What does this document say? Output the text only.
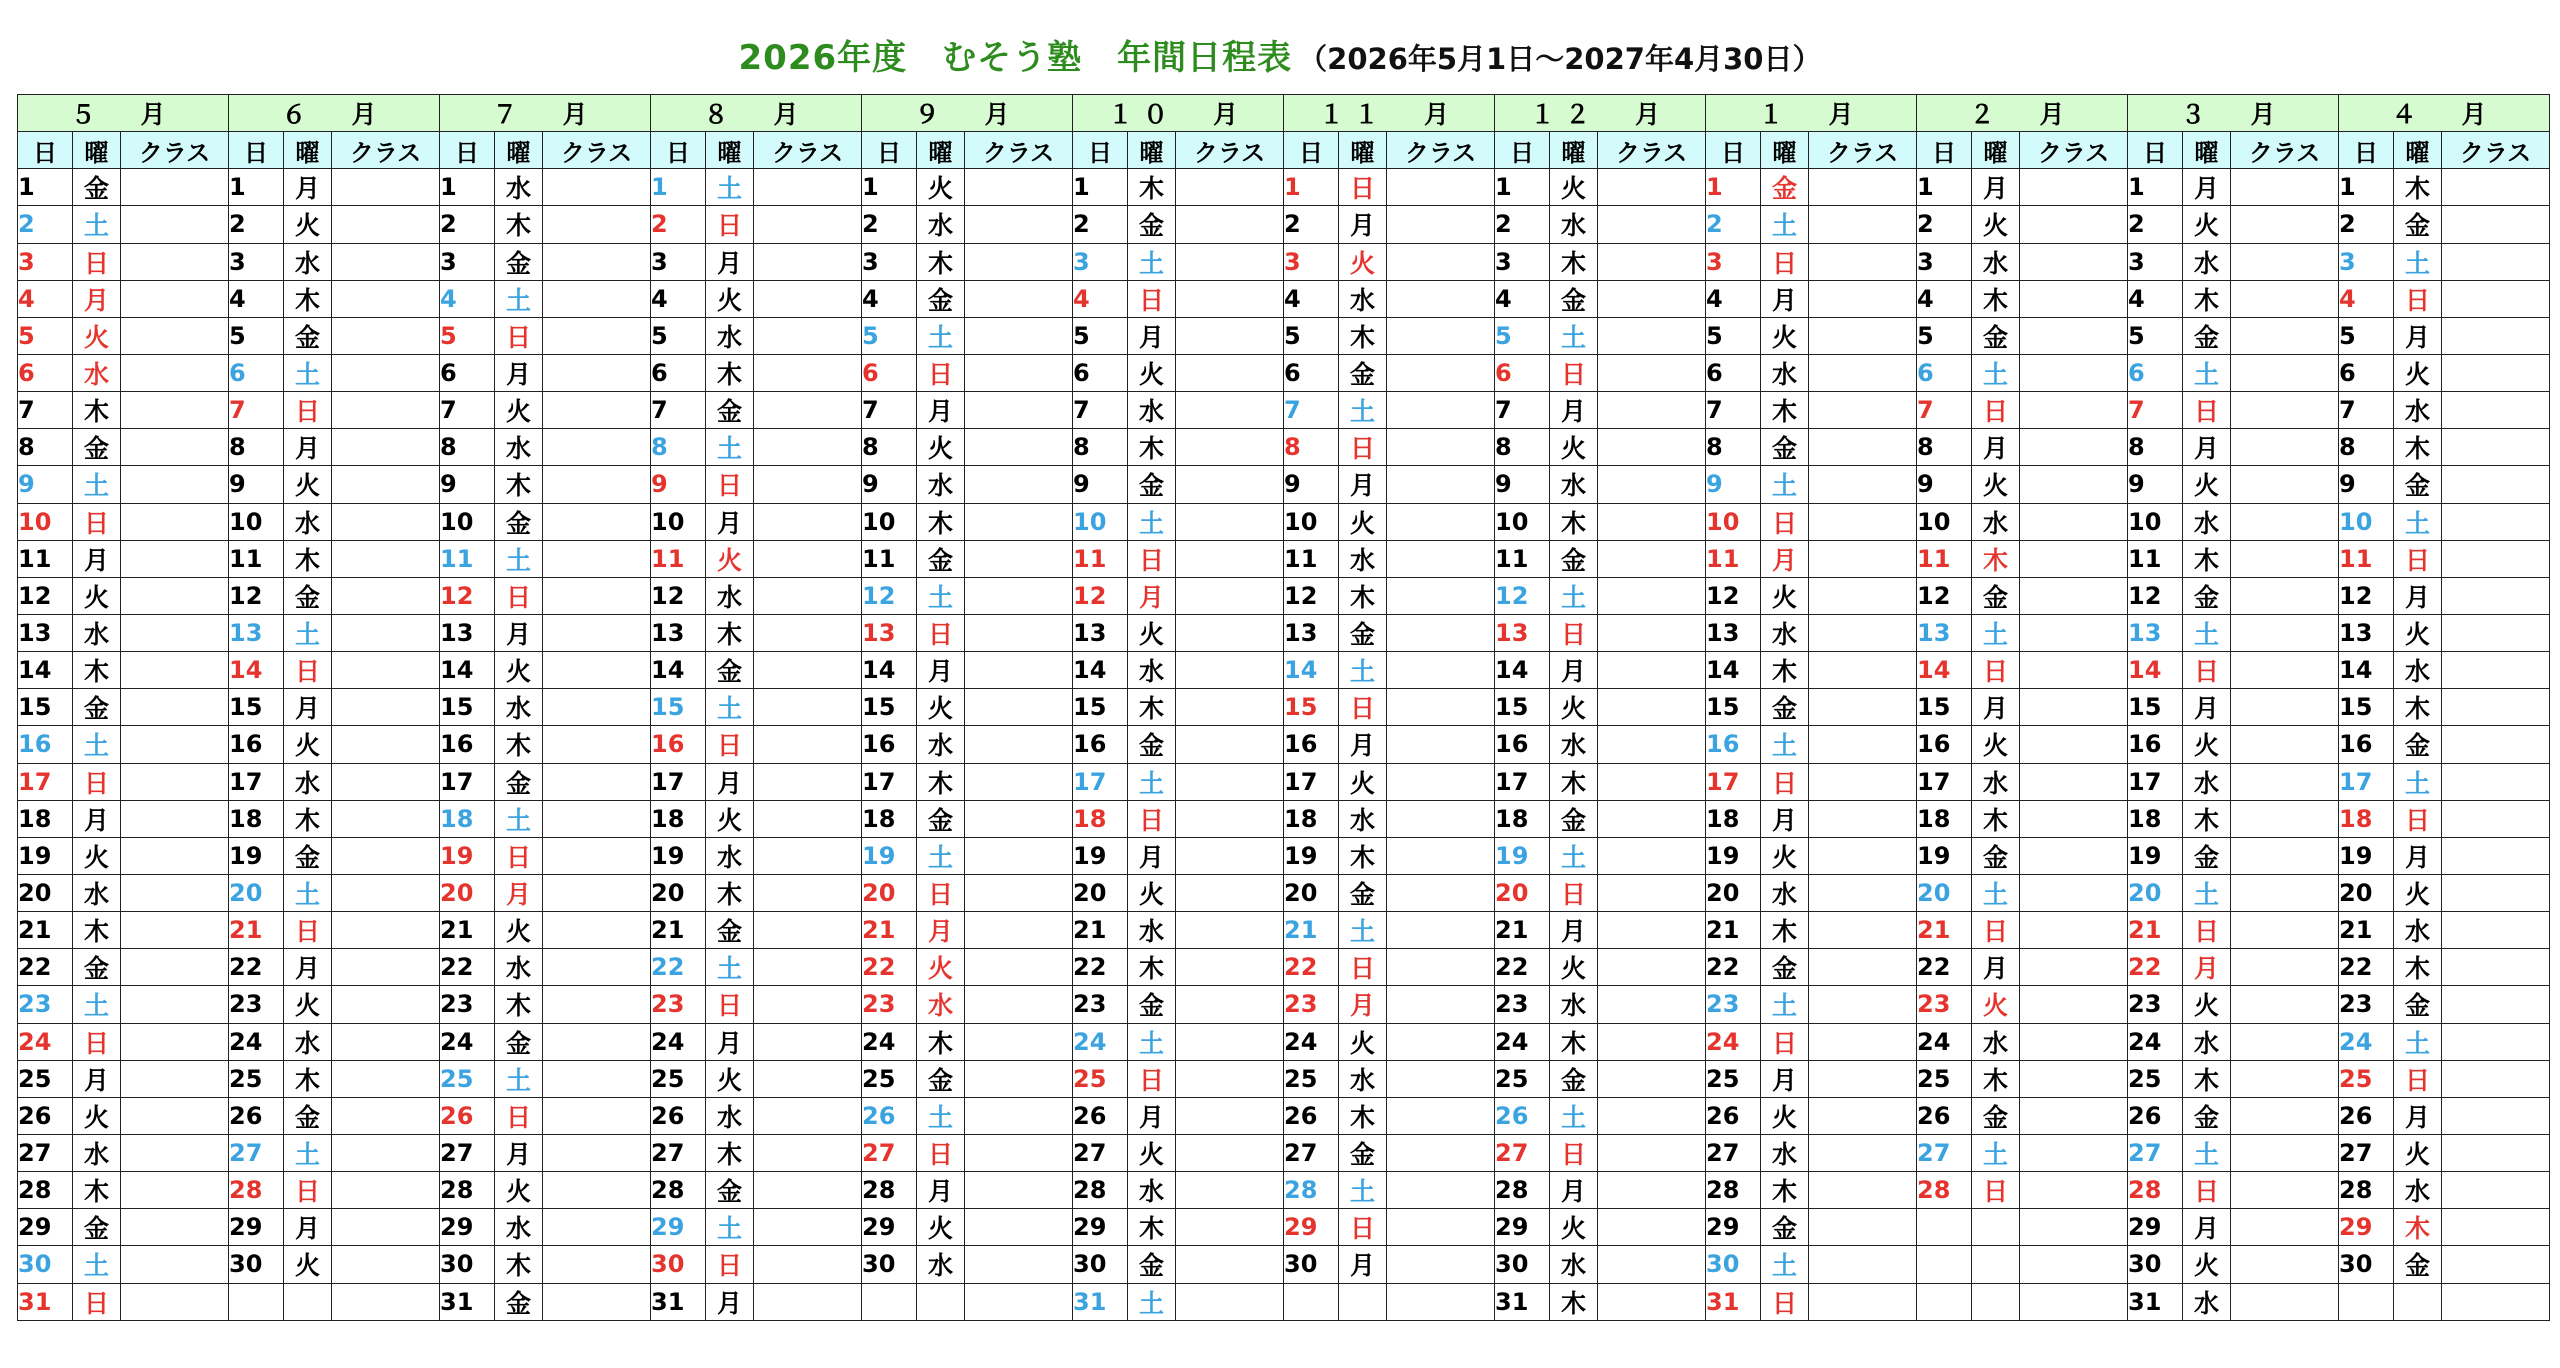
2026年度　むそう塾　年間日程表 （2026年5月1日～2027年4月30日）
５　月			６　月			７　月			８　月			９　月			１０　月			１１　月			１２　月			１　月			２　月			３　月			４　月		
日	曜	クラス	日	曜	クラス	日	曜	クラス	日	曜	クラス	日	曜	クラス	日	曜	クラス	日	曜	クラス	日	曜	クラス	日	曜	クラス	日	曜	クラス	日	曜	クラス	日	曜	クラス
1	金		1	月		1	水		1	土		1	火		1	木		1	日		1	火		1	金		1	月		1	月		1	木	
2	土		2	火		2	木		2	日		2	水		2	金		2	月		2	水		2	土		2	火		2	火		2	金	
3	日		3	水		3	金		3	月		3	木		3	土		3	火		3	木		3	日		3	水		3	水		3	土	
4	月		4	木		4	土		4	火		4	金		4	日		4	水		4	金		4	月		4	木		4	木		4	日	
5	火		5	金		5	日		5	水		5	土		5	月		5	木		5	土		5	火		5	金		5	金		5	月	
6	水		6	土		6	月		6	木		6	日		6	火		6	金		6	日		6	水		6	土		6	土		6	火	
7	木		7	日		7	火		7	金		7	月		7	水		7	土		7	月		7	木		7	日		7	日		7	水	
8	金		8	月		8	水		8	土		8	火		8	木		8	日		8	火		8	金		8	月		8	月		8	木	
9	土		9	火		9	木		9	日		9	水		9	金		9	月		9	水		9	土		9	火		9	火		9	金	
10	日		10	水		10	金		10	月		10	木		10	土		10	火		10	木		10	日		10	水		10	水		10	土	
11	月		11	木		11	土		11	火		11	金		11	日		11	水		11	金		11	月		11	木		11	木		11	日	
12	火		12	金		12	日		12	水		12	土		12	月		12	木		12	土		12	火		12	金		12	金		12	月	
13	水		13	土		13	月		13	木		13	日		13	火		13	金		13	日		13	水		13	土		13	土		13	火	
14	木		14	日		14	火		14	金		14	月		14	水		14	土		14	月		14	木		14	日		14	日		14	水	
15	金		15	月		15	水		15	土		15	火		15	木		15	日		15	火		15	金		15	月		15	月		15	木	
16	土		16	火		16	木		16	日		16	水		16	金		16	月		16	水		16	土		16	火		16	火		16	金	
17	日		17	水		17	金		17	月		17	木		17	土		17	火		17	木		17	日		17	水		17	水		17	土	
18	月		18	木		18	土		18	火		18	金		18	日		18	水		18	金		18	月		18	木		18	木		18	日	
19	火		19	金		19	日		19	水		19	土		19	月		19	木		19	土		19	火		19	金		19	金		19	月	
20	水		20	土		20	月		20	木		20	日		20	火		20	金		20	日		20	水		20	土		20	土		20	火	
21	木		21	日		21	火		21	金		21	月		21	水		21	土		21	月		21	木		21	日		21	日		21	水	
22	金		22	月		22	水		22	土		22	火		22	木		22	日		22	火		22	金		22	月		22	月		22	木	
23	土		23	火		23	木		23	日		23	水		23	金		23	月		23	水		23	土		23	火		23	火		23	金	
24	日		24	水		24	金		24	月		24	木		24	土		24	火		24	木		24	日		24	水		24	水		24	土	
25	月		25	木		25	土		25	火		25	金		25	日		25	水		25	金		25	月		25	木		25	木		25	日	
26	火		26	金		26	日		26	水		26	土		26	月		26	木		26	土		26	火		26	金		26	金		26	月	
27	水		27	土		27	月		27	木		27	日		27	火		27	金		27	日		27	水		27	土		27	土		27	火	
28	木		28	日		28	火		28	金		28	月		28	水		28	土		28	月		28	木		28	日		28	日		28	水	
29	金		29	月		29	水		29	土		29	火		29	木		29	日		29	火		29	金					29	月		29	木	
30	土		30	火		30	木		30	日		30	水		30	金		30	月		30	水		30	土					30	火		30	金	
31	日					31	金		31	月					31	土					31	木		31	日					31	水				
